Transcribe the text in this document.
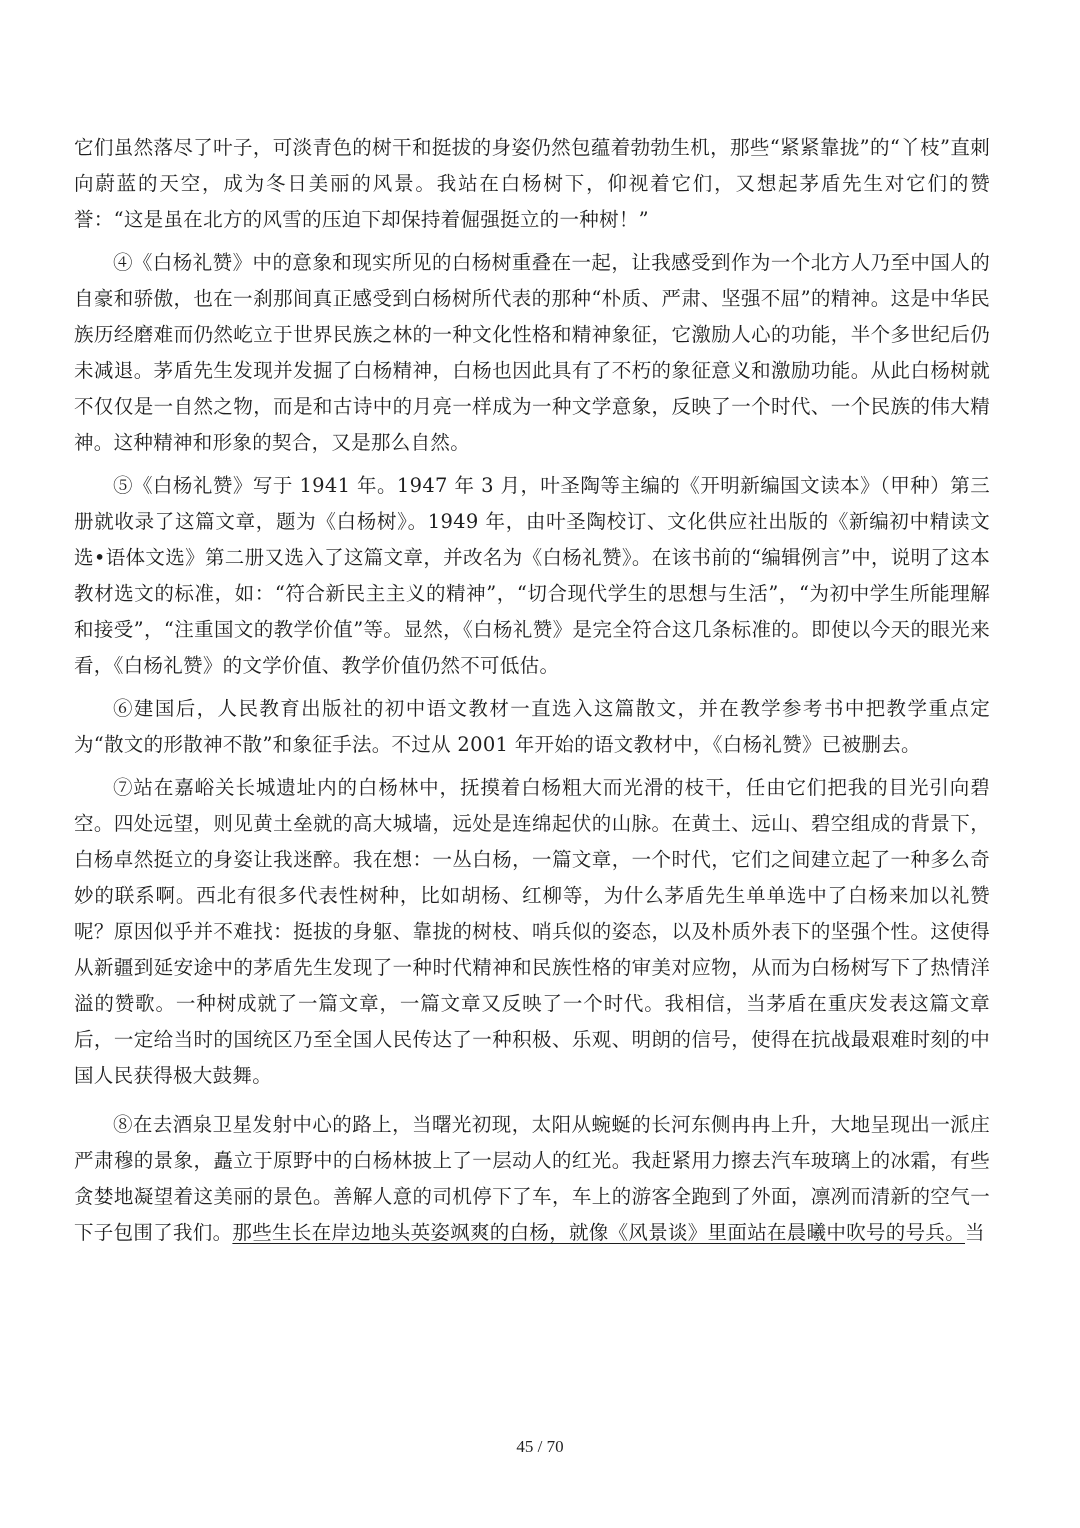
它们虽然落尽了叶子，可淡青色的树干和挺拔的身姿仍然包蕴着勃勃生机，那些“紧紧靠拢”的“丫枝”直刺向蔚蓝的天空，成为冬日美丽的风景。我站在白杨树下，仰视着它们，又想起茅盾先生对它们的赞誉：“这是虽在北方的风雪的压迫下却保持着倔强挺立的一种树！”

④《白杨礼赞》中的意象和现实所见的白杨树重叠在一起，让我感受到作为一个北方人乃至中国人的自豪和骄傲，也在一刹那间真正感受到白杨树所代表的那种“朴质、严肃、坚强不屈”的精神。这是中华民族历经磨难而仍然屹立于世界民族之林的一种文化性格和精神象征，它激励人心的功能，半个多世纪后仍未减退。茅盾先生发现并发掘了白杨精神，白杨也因此具有了不朽的象征意义和激励功能。从此白杨树就不仅仅是一自然之物，而是和古诗中的月亮一样成为一种文学意象，反映了一个时代、一个民族的伟大精神。这种精神和形象的契合，又是那么自然。

⑤《白杨礼赞》写于 1941 年。1947 年 3 月，叶圣陶等主编的《开明新编国文读本》（甲种）第三册就收录了这篇文章，题为《白杨树》。1949 年，由叶圣陶校订、文化供应社出版的《新编初中精读文选•语体文选》第二册又选入了这篇文章，并改名为《白杨礼赞》。在该书前的“编辑例言”中，说明了这本教材选文的标准，如：“符合新民主主义的精神”，“切合现代学生的思想与生活”，“为初中学生所能理解和接受”，“注重国文的教学价值”等。显然，《白杨礼赞》是完全符合这几条标准的。即使以今天的眼光来看，《白杨礼赞》的文学价值、教学价值仍然不可低估。

⑥建国后，人民教育出版社的初中语文教材一直选入这篇散文，并在教学参考书中把教学重点定为“散文的形散神不散”和象征手法。不过从 2001 年开始的语文教材中，《白杨礼赞》已被删去。

⑦站在嘉峪关长城遗址内的白杨林中，抚摸着白杨粗大而光滑的枝干，任由它们把我的目光引向碧空。四处远望，则见黄土垒就的高大城墙，远处是连绵起伏的山脉。在黄土、远山、碧空组成的背景下，白杨卓然挺立的身姿让我迷醉。我在想：一丛白杨，一篇文章，一个时代，它们之间建立起了一种多么奇妙的联系啊。西北有很多代表性树种，比如胡杨、红柳等，为什么茅盾先生单单选中了白杨来加以礼赞呢？原因似乎并不难找：挺拔的身躯、靠拢的树枝、哨兵似的姿态，以及朴质外表下的坚强个性。这使得从新疆到延安途中的茅盾先生发现了一种时代精神和民族性格的审美对应物，从而为白杨树写下了热情洋溢的赞歌。一种树成就了一篇文章，一篇文章又反映了一个时代。我相信，当茅盾在重庆发表这篇文章后，一定给当时的国统区乃至全国人民传达了一种积极、乐观、明朗的信号，使得在抗战最艰难时刻的中国人民获得极大鼓舞。

⑧在去酒泉卫星发射中心的路上，当曙光初现，太阳从蜿蜒的长河东侧冉冉上升，大地呈现出一派庄严肃穆的景象，矗立于原野中的白杨林披上了一层动人的红光。我赶紧用力擦去汽车玻璃上的冰霜，有些贪婪地凝望着这美丽的景色。善解人意的司机停下了车，车上的游客全跑到了外面，凛冽而清新的空气一下子包围了我们。那些生长在岸边地头英姿飒爽的白杨，就像《风景谈》里面站在晨曦中吹号的号兵。当

45 / 70
